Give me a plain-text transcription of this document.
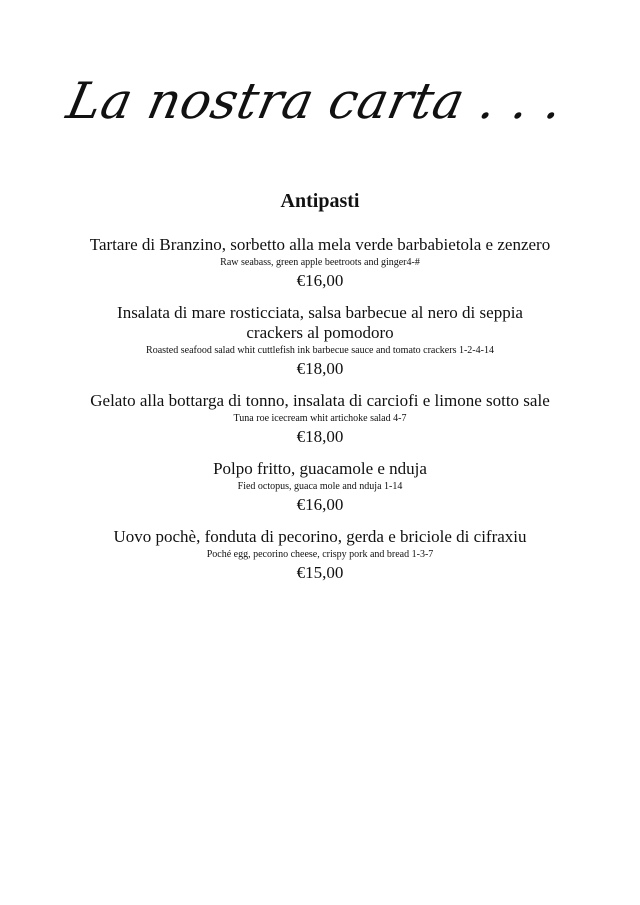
La nostra carta . . .
Antipasti
Tartare di Branzino, sorbetto alla mela verde barbabietola e zenzero
Raw seabass, green apple beetroots and ginger4-#
€16,00
Insalata di mare rosticciata, salsa barbecue al nero di seppia
crackers al pomodoro
Roasted seafood salad whit cuttlefish ink barbecue sauce and tomato crackers 1-2-4-14
€18,00
Gelato alla bottarga di tonno, insalata di carciofi e limone sotto sale
Tuna roe icecream whit artichoke salad 4-7
€18,00
Polpo fritto, guacamole e nduja
Fied octopus, guaca mole and nduja 1-14
€16,00
Uovo pochè, fonduta di pecorino, gerda e briciole di cifraxiu
Poché egg, pecorino cheese, crispy pork and bread 1-3-7
€15,00
